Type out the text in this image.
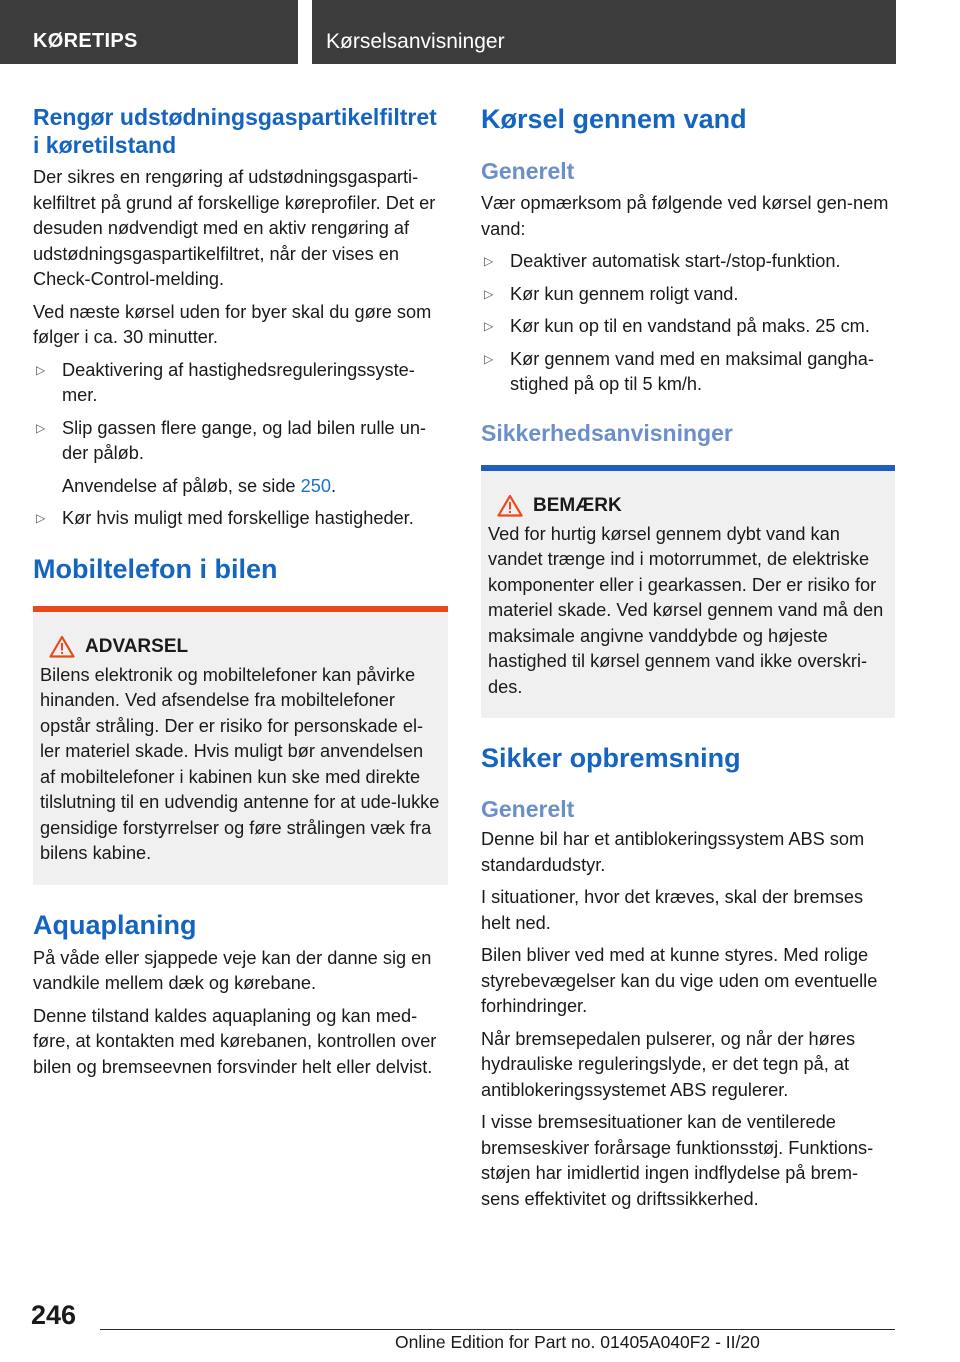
KØRETIPS	Kørselsanvisninger
Rengør udstødningsgaspartikelfiltret i køretilstand

Der sikres en rengøring af udstødningsgasparti-kelfiltret på grund af forskellige køreprofiler. Det er desuden nødvendigt med en aktiv rengøring af udstødningsgaspartikelfiltret, når der vises en Check-Control-melding.

Ved næste kørsel uden for byer skal du gøre som følger i ca. 30 minutter.

▷ Deaktivering af hastighedsreguleringssyste-mer.
▷ Slip gassen flere gange, og lad bilen rulle un-der påløb.
Anvendelse af påløb, se side 250.
▷ Kør hvis muligt med forskellige hastigheder.
Mobiltelefon i bilen
ADVARSEL

Bilens elektronik og mobiltelefoner kan påvirke hinanden. Ved afsendelse fra mobiltelefoner opstår stråling. Der er risiko for personskade el-ler materiel skade. Hvis muligt bør anvendelsen af mobiltelefoner i kabinen kun ske med direkte tilslutning til en udvendig antenne for at ude-lukke gensidige forstyrrelser og føre strålingen væk fra bilens kabine.

Aquaplaning

På våde eller sjappede veje kan der danne sig en vandkile mellem dæk og kørebane.

Denne tilstand kaldes aquaplaning og kan med-føre, at kontakten med kørebanen, kontrollen over bilen og bremseevnen forsvinder helt eller delvist.

Kørsel gennem vand
Generelt

Vær opmærksom på følgende ved kørsel gen-nem vand:

▷ Deaktiver automatisk start-/stop-funktion.
▷ Kør kun gennem roligt vand.
▷ Kør kun op til en vandstand på maks. 25 cm.
▷ Kør gennem vand med en maksimal gangha-stighed på op til 5 km/h.
Sikkerhedsanvisninger
BEMÆRK

Ved for hurtig kørsel gennem dybt vand kan vandet trænge ind i motorrummet, de elektriske komponenter eller i gearkassen. Der er risiko for materiel skade. Ved kørsel gennem vand må den maksimale angivne vanddybde og højeste hastighed til kørsel gennem vand ikke overskri-des.

Sikker opbremsning
Generelt

Denne bil har et antiblokeringssystem ABS som standardudstyr.

I situationer, hvor det kræves, skal der bremses helt ned.

Bilen bliver ved med at kunne styres. Med rolige styrebevægelser kan du vige uden om eventuelle forhindringer.

Når bremsepedalen pulserer, og når der høres hydrauliske reguleringslyde, er det tegn på, at antiblokeringssystemet ABS regulerer.

I visse bremsesituationer kan de ventilerede bremseskiver forårsage funktionsstøj. Funktions-støjen har imidlertid ingen indflydelse på brem-sens effektivitet og driftssikkerhed.

246
Online Edition for Part no. 01405A040F2 - II/20
